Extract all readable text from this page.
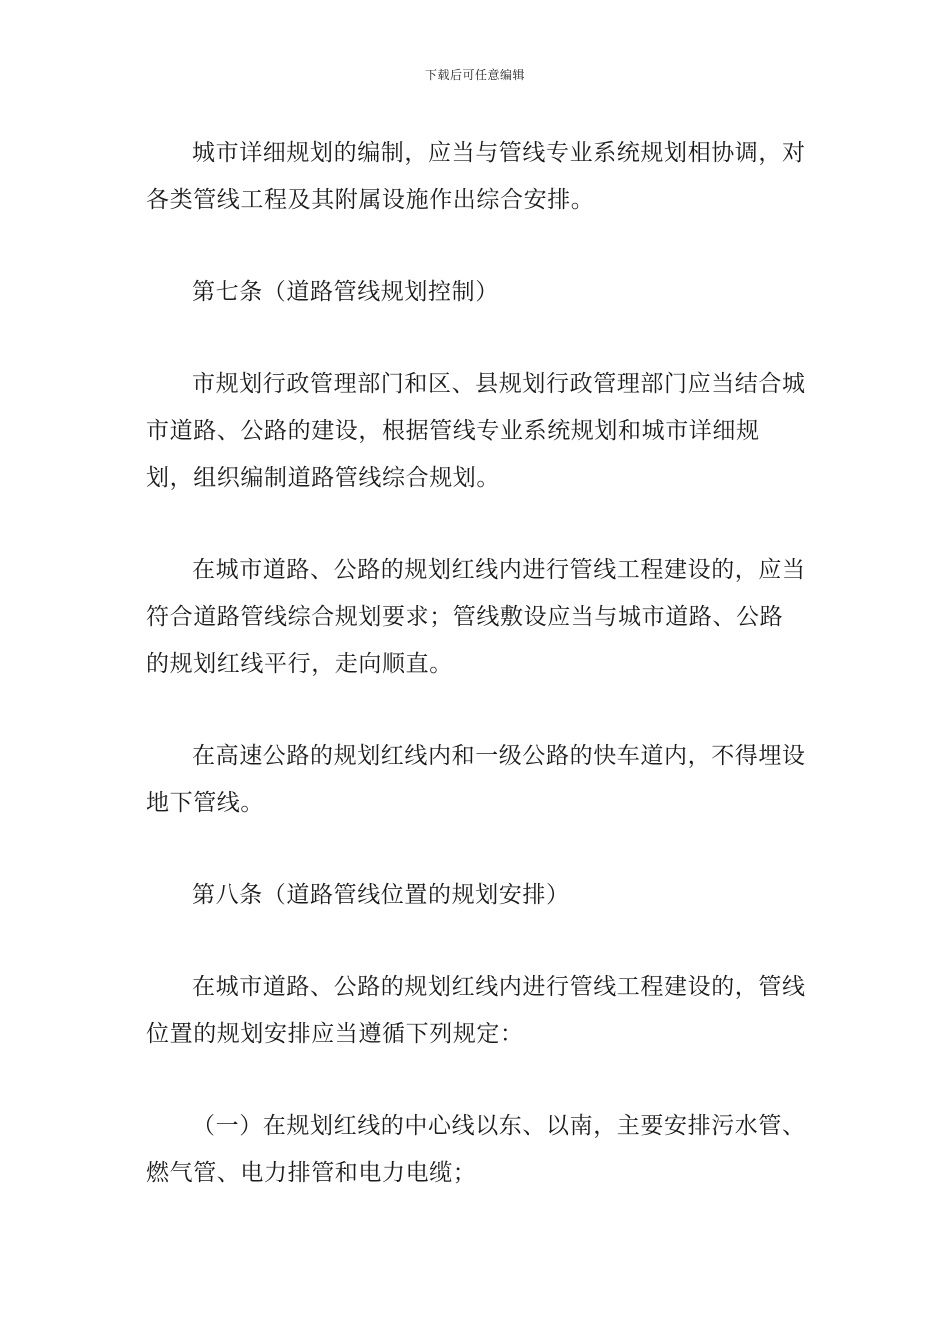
下载后可任意编辑

城市详细规划的编制，应当与管线专业系统规划相协调，对各类管线工程及其附属设施作出综合安排。

第七条（道路管线规划控制）

市规划行政管理部门和区、县规划行政管理部门应当结合城市道路、公路的建设，根据管线专业系统规划和城市详细规划，组织编制道路管线综合规划。

在城市道路、公路的规划红线内进行管线工程建设的，应当符合道路管线综合规划要求；管线敷设应当与城市道路、公路的规划红线平行，走向顺直。

在高速公路的规划红线内和一级公路的快车道内，不得埋设地下管线。

第八条（道路管线位置的规划安排）

在城市道路、公路的规划红线内进行管线工程建设的，管线位置的规划安排应当遵循下列规定：

（一）在规划红线的中心线以东、以南，主要安排污水管、燃气管、电力排管和电力电缆；
